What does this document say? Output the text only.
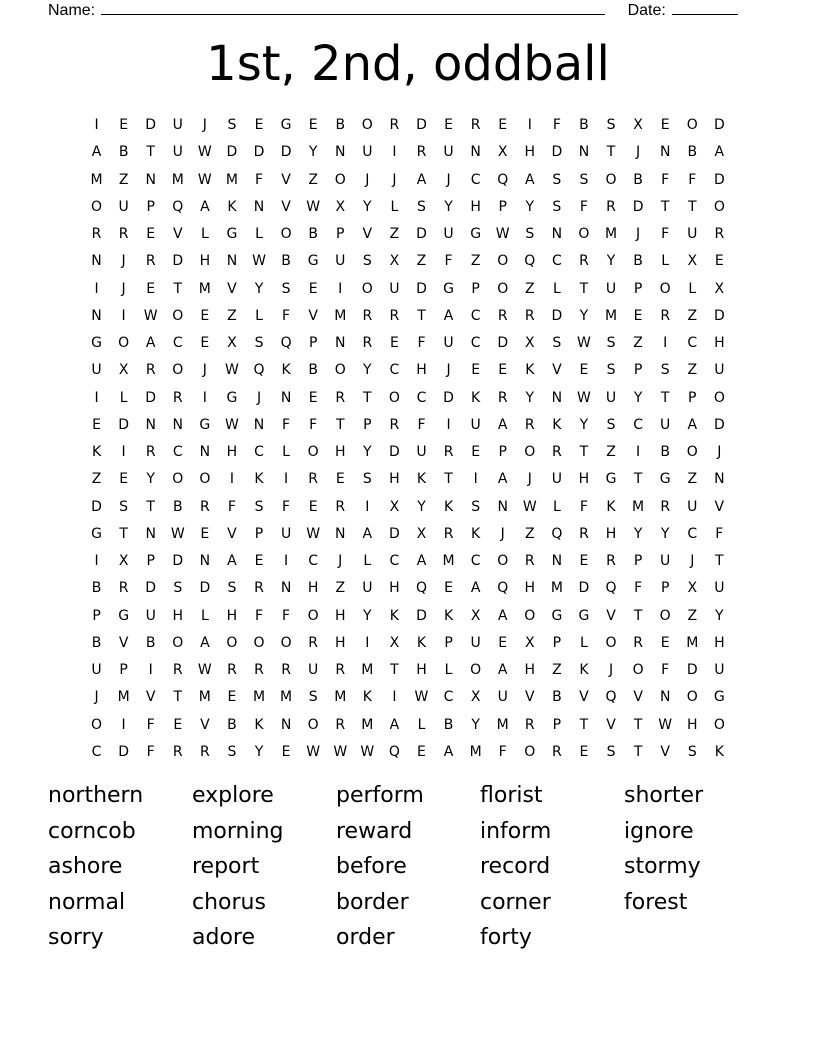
Name:	Date:
1st, 2nd, oddball
I	E	D	U	J	S	E	G	E	B	O	R	D	E	R	E	I	F	B	S	X	E	O	D
A	B	T	U	W	D	D	D	Y	N	U	I	R	U	N	X	H	D	N	T	J	N	B	A
M	Z	N	M	W	M	F	V	Z	O	J	J	A	J	C	Q	A	S	S	O	B	F	F	D
O	U	P	Q	A	K	N	V	W	X	Y	L	S	Y	H	P	Y	S	F	R	D	T	T	O
R	R	E	V	L	G	L	O	B	P	V	Z	D	U	G	W	S	N	O	M	J	F	U	R
N	J	R	D	H	N	W	B	G	U	S	X	Z	F	Z	O	Q	C	R	Y	B	L	X	E
I	J	E	T	M	V	Y	S	E	I	O	U	D	G	P	O	Z	L	T	U	P	O	L	X
N	I	W	O	E	Z	L	F	V	M	R	R	T	A	C	R	R	D	Y	M	E	R	Z	D
G	O	A	C	E	X	S	Q	P	N	R	E	F	U	C	D	X	S	W	S	Z	I	C	H
U	X	R	O	J	W	Q	K	B	O	Y	C	H	J	E	E	K	V	E	S	P	S	Z	U
I	L	D	R	I	G	J	N	E	R	T	O	C	D	K	R	Y	N	W	U	Y	T	P	O
E	D	N	N	G	W	N	F	F	T	P	R	F	I	U	A	R	K	Y	S	C	U	A	D
K	I	R	C	N	H	C	L	O	H	Y	D	U	R	E	P	O	R	T	Z	I	B	O	J
Z	E	Y	O	O	I	K	I	R	E	S	H	K	T	I	A	J	U	H	G	T	G	Z	N
D	S	T	B	R	F	S	F	E	R	I	X	Y	K	S	N	W	L	F	K	M	R	U	V
G	T	N	W	E	V	P	U	W	N	A	D	X	R	K	J	Z	Q	R	H	Y	Y	C	F
I	X	P	D	N	A	E	I	C	J	L	C	A	M	C	O	R	N	E	R	P	U	J	T
B	R	D	S	D	S	R	N	H	Z	U	H	Q	E	A	Q	H	M	D	Q	F	P	X	U
P	G	U	H	L	H	F	F	O	H	Y	K	D	K	X	A	O	G	G	V	T	O	Z	Y
B	V	B	O	A	O	O	O	R	H	I	X	K	P	U	E	X	P	L	O	R	E	M	H
U	P	I	R	W	R	R	R	U	R	M	T	H	L	O	A	H	Z	K	J	O	F	D	U
J	M	V	T	M	E	M	M	S	M	K	I	W	C	X	U	V	B	V	Q	V	N	O	G
O	I	F	E	V	B	K	N	O	R	M	A	L	B	Y	M	R	P	T	V	T	W	H	O
C	D	F	R	R	S	Y	E	W W W	Q	E	A	M	F	O	R	E	S	T	V	S	K
northern
corncob
ashore
normal
sorry
explore
morning
report
chorus
adore
perform
reward
before
border
order
florist
inform
record
corner
forty
shorter
ignore
stormy
forest
